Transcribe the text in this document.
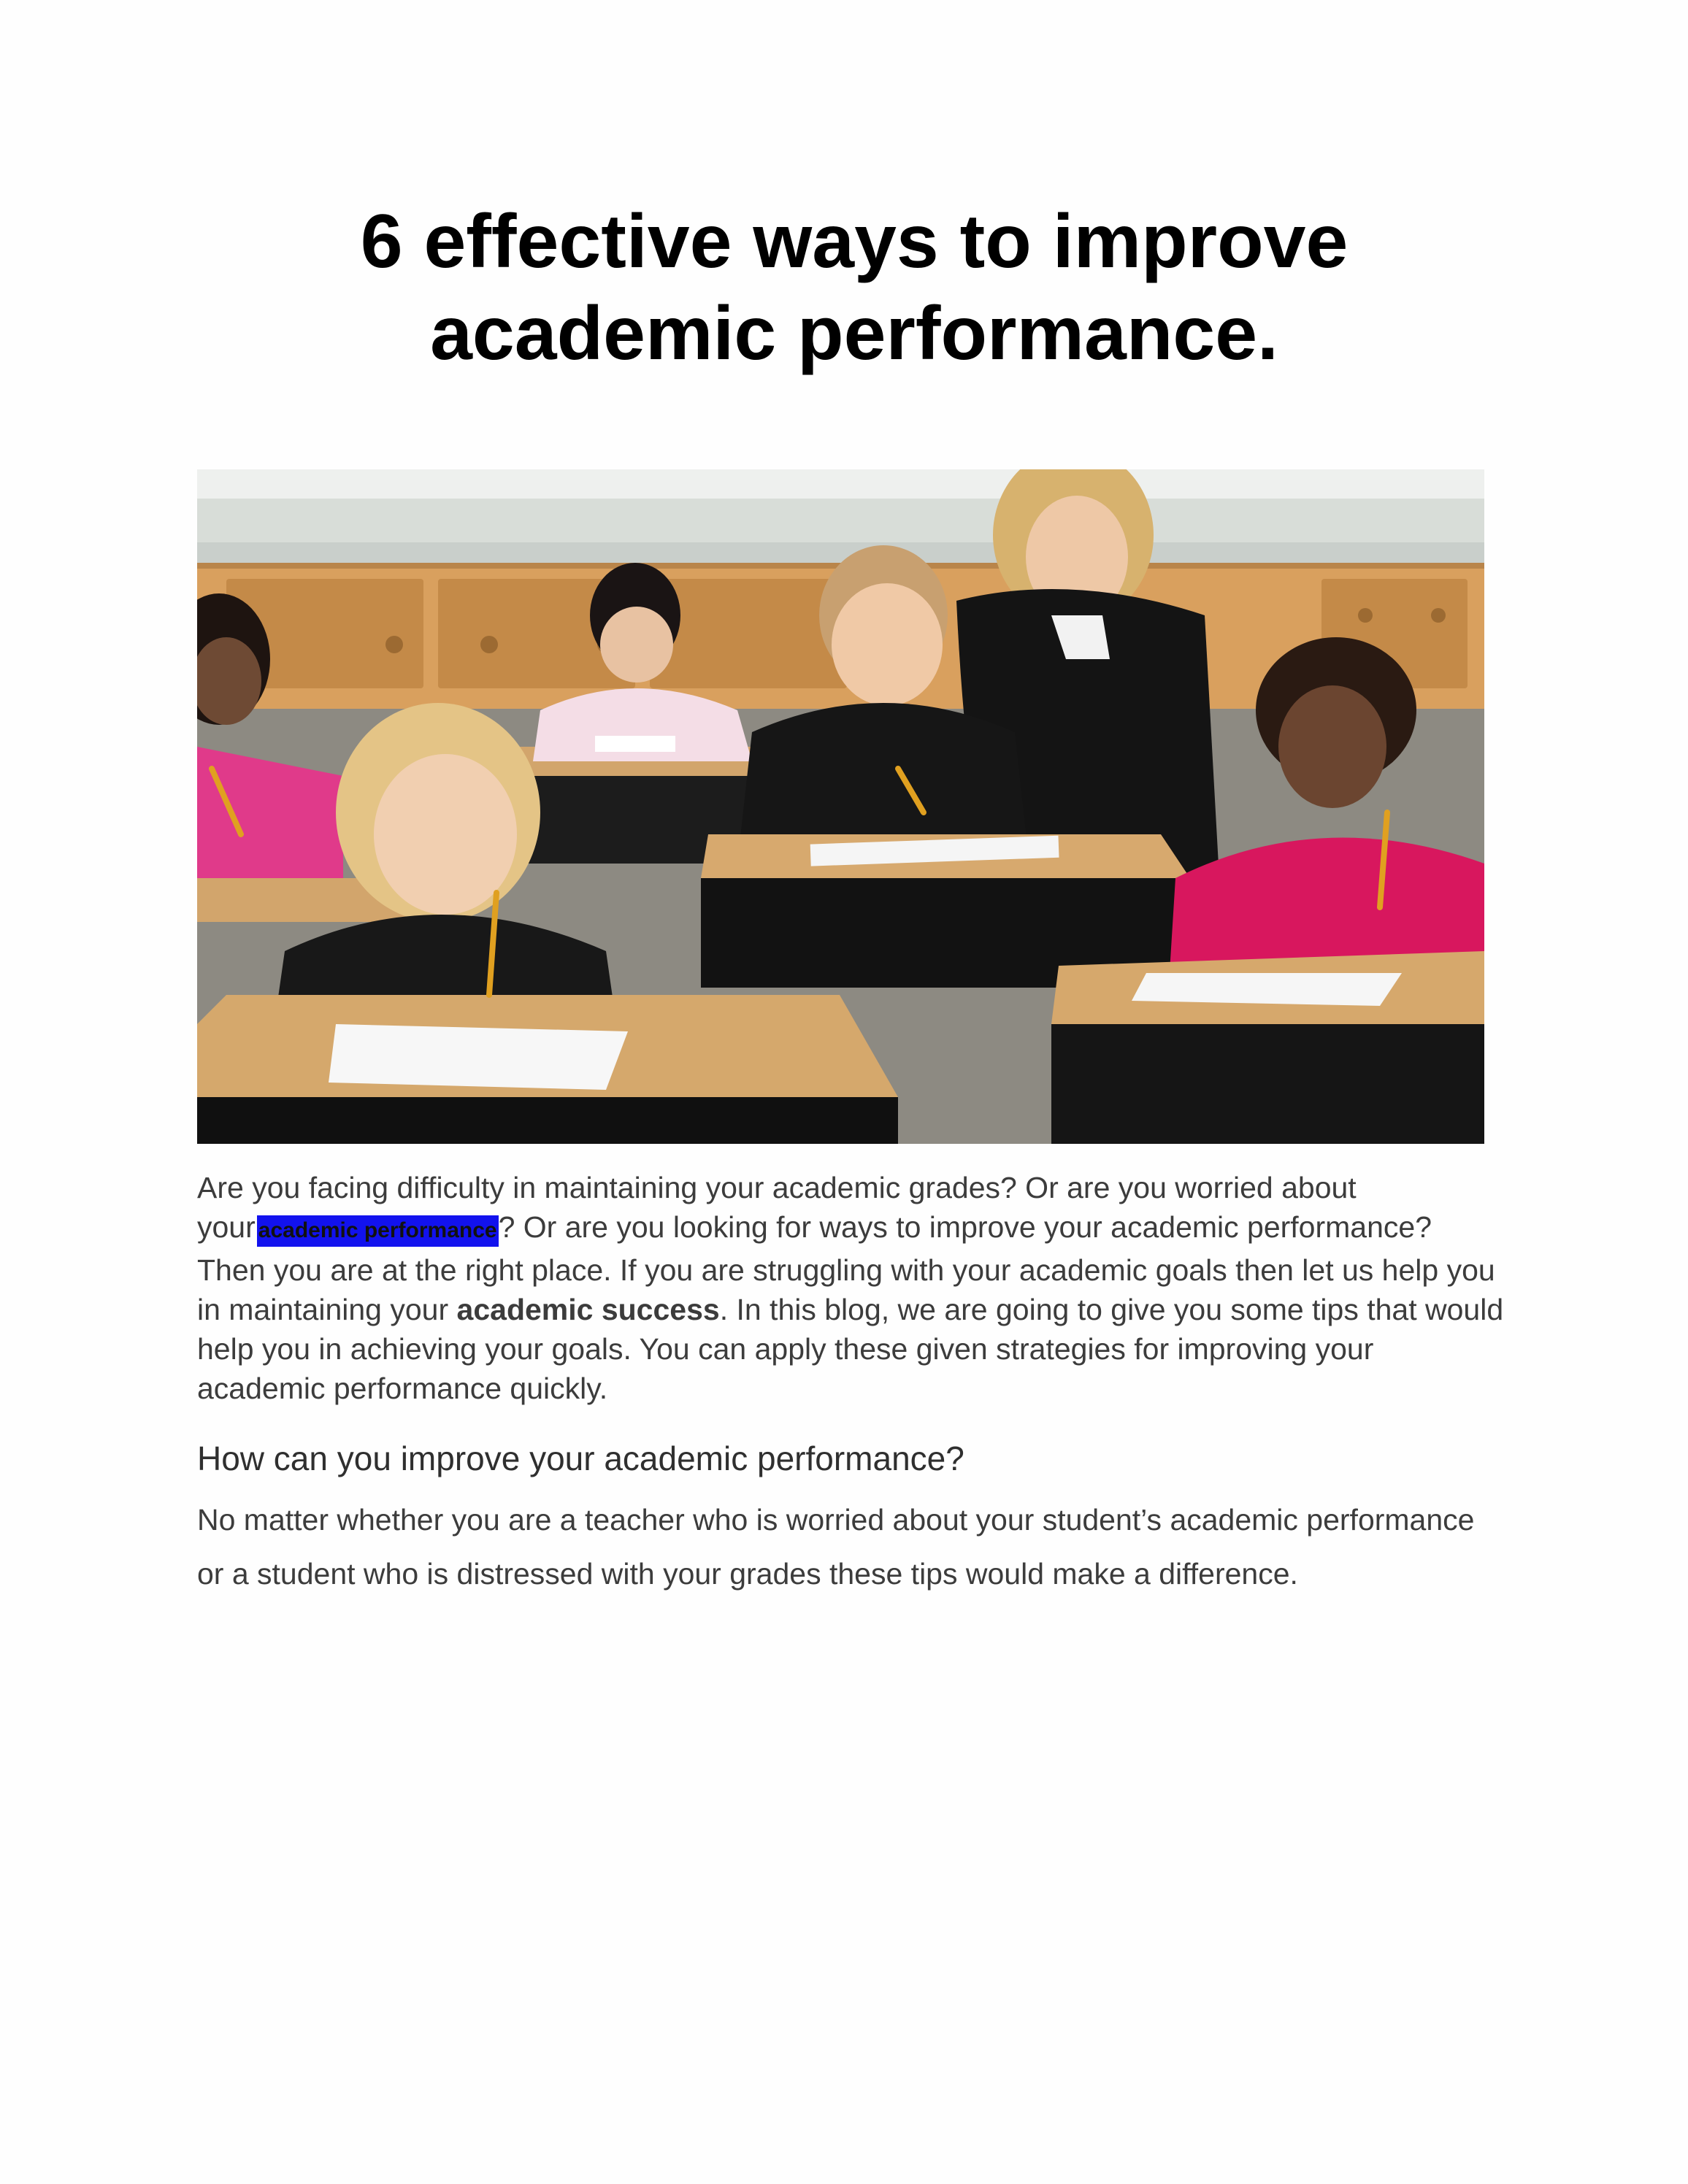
6 effective ways to improve
academic performance.

Are you facing difficulty in maintaining your academic grades? Or are you worried about your academic performance? Or are you looking for ways to improve your academic performance? Then you are at the right place. If you are struggling with your academic goals then let us help you in maintaining your academic success. In this blog, we are going to give you some tips that would help you in achieving your goals. You can apply these given strategies for improving your academic performance quickly.

How can you improve your academic performance?

No matter whether you are a teacher who is worried about your student’s academic performance or a student who is distressed with your grades these tips would make a difference.
